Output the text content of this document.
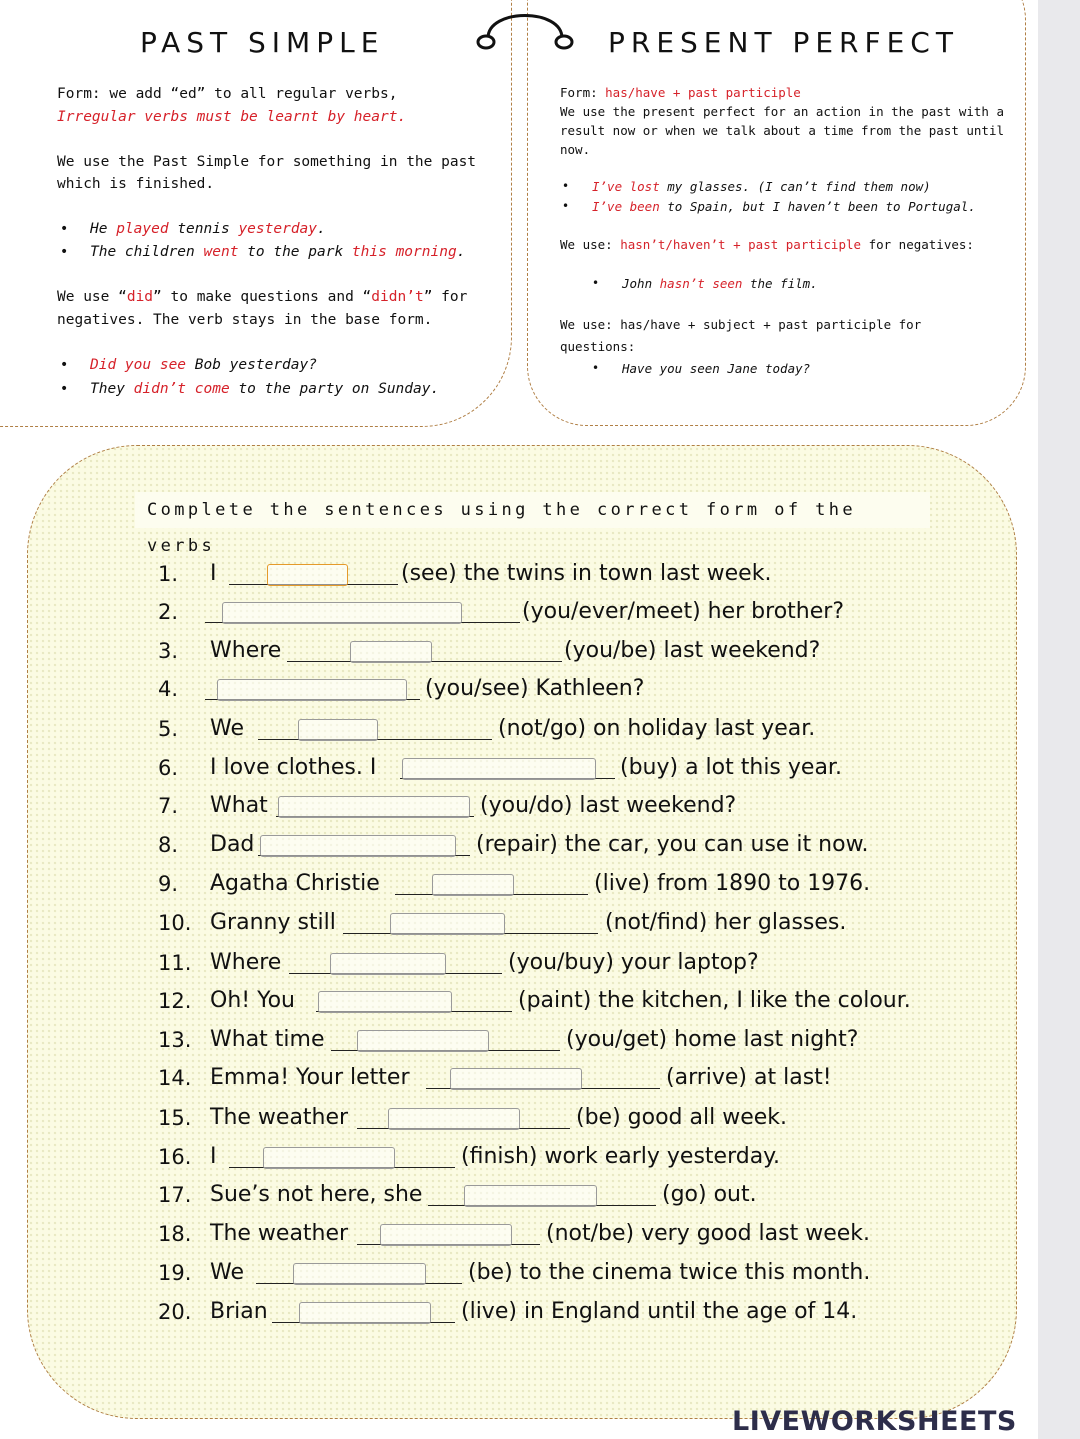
PAST SIMPLE	PRESENT PERFECT
Form: we add “ed” to all regular verbs,
Irregular verbs must be learnt by heart.
We use the Past Simple for something in the past
which is finished.
• He played tennis yesterday.
• The children went to the park this morning.
We use “did” to make questions and “didn’t” for
negatives. The verb stays in the base form.
• Did you see Bob yesterday?
• They didn’t come to the party on Sunday.
Form: has/have + past participle
We use the present perfect for an action in the past with a
result now or when we talk about a time from the past until
now.
• I’ve lost my glasses. (I can’t find them now)
• I’ve been to Spain, but I haven’t been to Portugal.
We use: hasn’t/haven’t + past participle for negatives:
• John hasn’t seen the film.
We use: has/have + subject + past participle for
questions:
• Have you seen Jane today?
Complete the sentences using the correct form of the verbs
1. I	(see) the twins in town last week.
2.	(you/ever/meet) her brother?
3. Where	(you/be) last weekend?
4.	(you/see) Kathleen?
5. We	(not/go) on holiday last year.
6. I love clothes. I	(buy) a lot this year.
7. What	(you/do) last weekend?
8. Dad	(repair) the car, you can use it now.
9. Agatha Christie	(live) from 1890 to 1976.
10. Granny still	(not/find) her glasses.
11. Where	(you/buy) your laptop?
12. Oh! You	(paint) the kitchen, I like the colour.
13. What time	(you/get) home last night?
14. Emma! Your letter	(arrive) at last!
15. The weather	(be) good all week.
16. I	(finish) work early yesterday.
17. Sue’s not here, she	(go) out.
18. The weather	(not/be) very good last week.
19. We	(be) to the cinema twice this month.
20. Brian	(live) in England until the age of 14.
LIVEWORKSHEETS
